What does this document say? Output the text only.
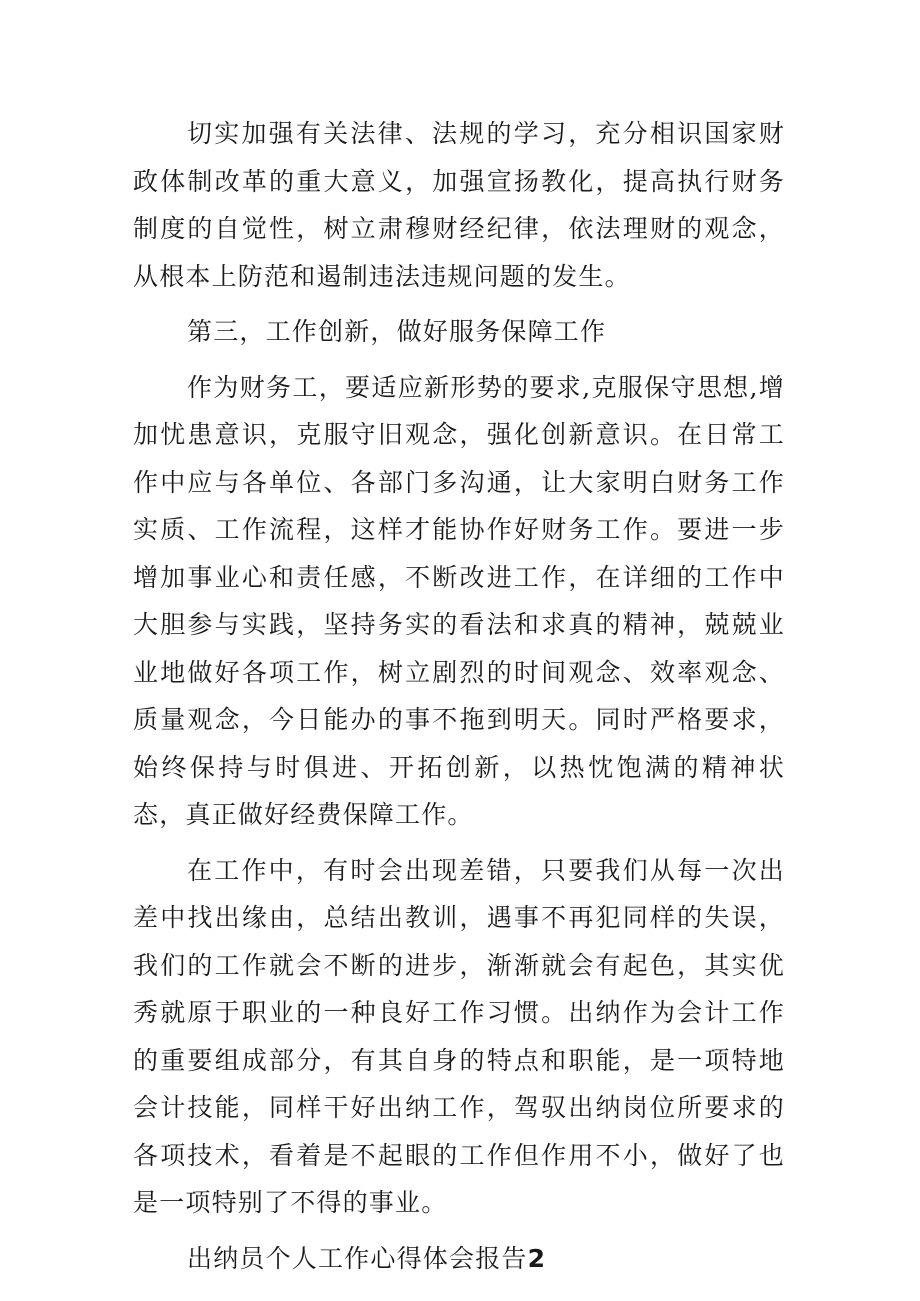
切实加强有关法律、法规的学习，充分相识国家财政体制改革的重大意义，加强宣扬教化，提高执行财务制度的自觉性，树立肃穆财经纪律，依法理财的观念，从根本上防范和遏制违法违规问题的发生。

第三，工作创新，做好服务保障工作

作为财务工，要适应新形势的要求,克服保守思想,增加忧患意识，克服守旧观念，强化创新意识。在日常工作中应与各单位、各部门多沟通，让大家明白财务工作实质、工作流程，这样才能协作好财务工作。要进一步增加事业心和责任感，不断改进工作，在详细的工作中大胆参与实践，坚持务实的看法和求真的精神，兢兢业业地做好各项工作，树立剧烈的时间观念、效率观念、质量观念，今日能办的事不拖到明天。同时严格要求，始终保持与时俱进、开拓创新，以热忱饱满的精神状态，真正做好经费保障工作。

在工作中，有时会出现差错，只要我们从每一次出差中找出缘由，总结出教训，遇事不再犯同样的失误，我们的工作就会不断的进步，渐渐就会有起色，其实优秀就原于职业的一种良好工作习惯。出纳作为会计工作的重要组成部分，有其自身的特点和职能，是一项特地会计技能，同样干好出纳工作，驾驭出纳岗位所要求的各项技术，看着是不起眼的工作但作用不小，做好了也是一项特别了不得的事业。

出纳员个人工作心得体会报告2
